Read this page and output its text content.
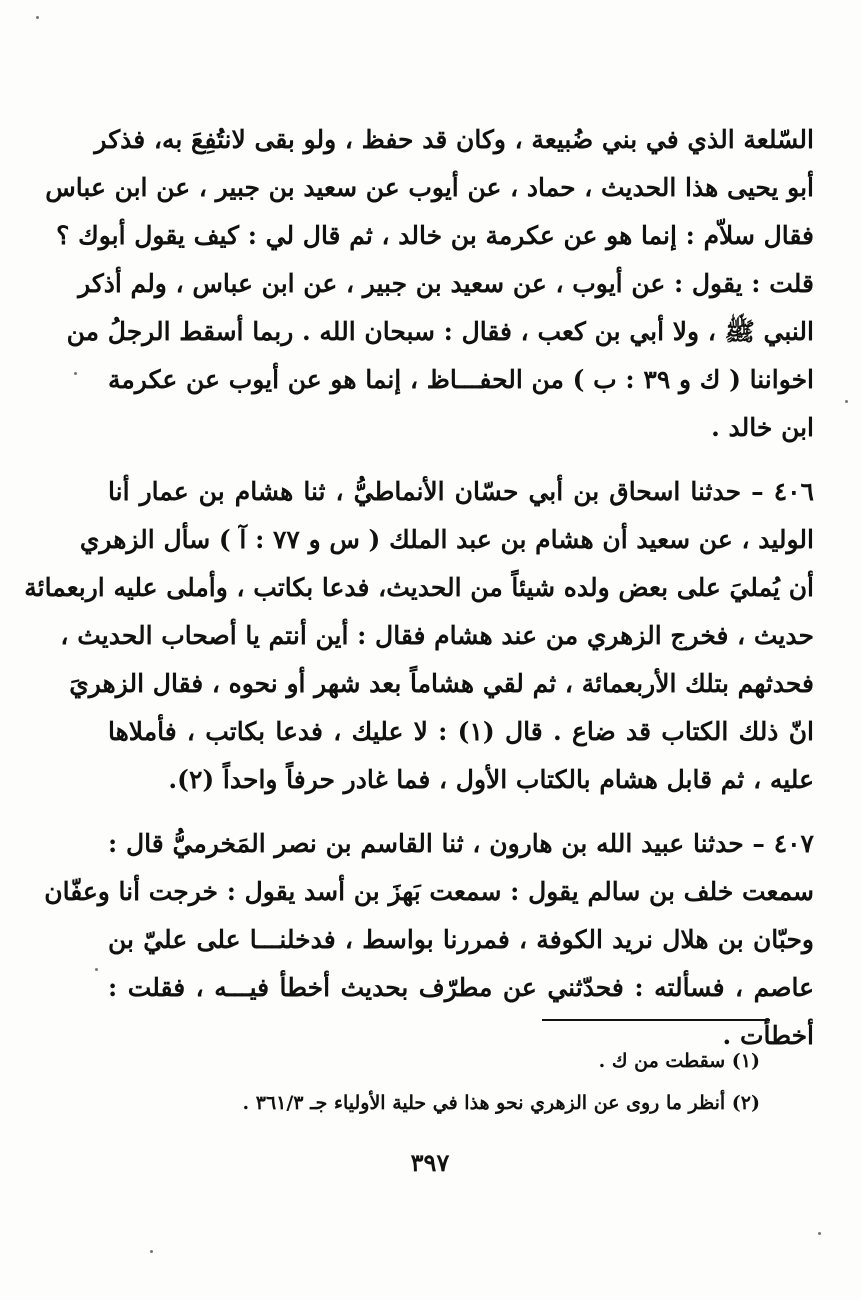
السّلعة الذي في بني ضُبيعة ، وكان قد حفظ ، ولو بقى لانتُفِعَ به، فذكر
أبو يحيى هذا الحديث ، حماد ، عن أيوب عن سعيد بن جبير ، عن ابن عباس
فقال سلاّم : إنما هو عن عكرمة بن خالد ، ثم قال لي : كيف يقول أبوك ؟
قلت : يقول : عن أيوب ، عن سعيد بن جبير ، عن ابن عباس ، ولم أذكر
النبي ﷺ ، ولا أبي بن كعب ، فقال : سبحان الله . ربما أسقط الرجلُ من
اخواننا ( ك و ٣٩ : ب ) من الحفـــاظ ، إنما هو عن أيوب عن عكرمة
ابن خالد .
٤٠٦ – حدثنا اسحاق بن أبي حسّان الأنماطيُّ ، ثنا هشام بن عمار أنا
الوليد ، عن سعيد أن هشام بن عبد الملك ( س و ٧٧ : آ ) سأل الزهري
أن يُمليَ على بعض ولده شيئاً من الحديث، فدعا بكاتب ، وأملى عليه اربعمائة
حديث ، فخرج الزهري من عند هشام فقال : أين أنتم يا أصحاب الحديث ،
فحدثهم بتلك الأربعمائة ، ثم لقي هشاماً بعد شهر أو نحوه ، فقال الزهريَ
انّ ذلك الكتاب قد ضاع . قال (١) : لا عليك ، فدعا بكاتب ، فأملاها
عليه ، ثم قابل هشام بالكتاب الأول ، فما غادر حرفاً واحداً (٢).
٤٠٧ – حدثنا عبيد الله بن هارون ، ثنا القاسم بن نصر المَخرميُّ قال :
سمعت خلف بن سالم يقول : سمعت بَهزَ بن أسد يقول : خرجت أنا وعفّان
وحبّان بن هلال نريد الكوفة ، فمررنا بواسط ، فدخلنـــا على عليّ بن
عاصم ، فسألته : فحدّثني عن مطرّف بحديث أخطأ فيـــه ، فقلت :
أخطأت .
(١) سقطت من ك .
(٢) أنظر ما روى عن الزهري نحو هذا في حلية الأولياء جـ ٣٦١/٣ .
٣٩٧
